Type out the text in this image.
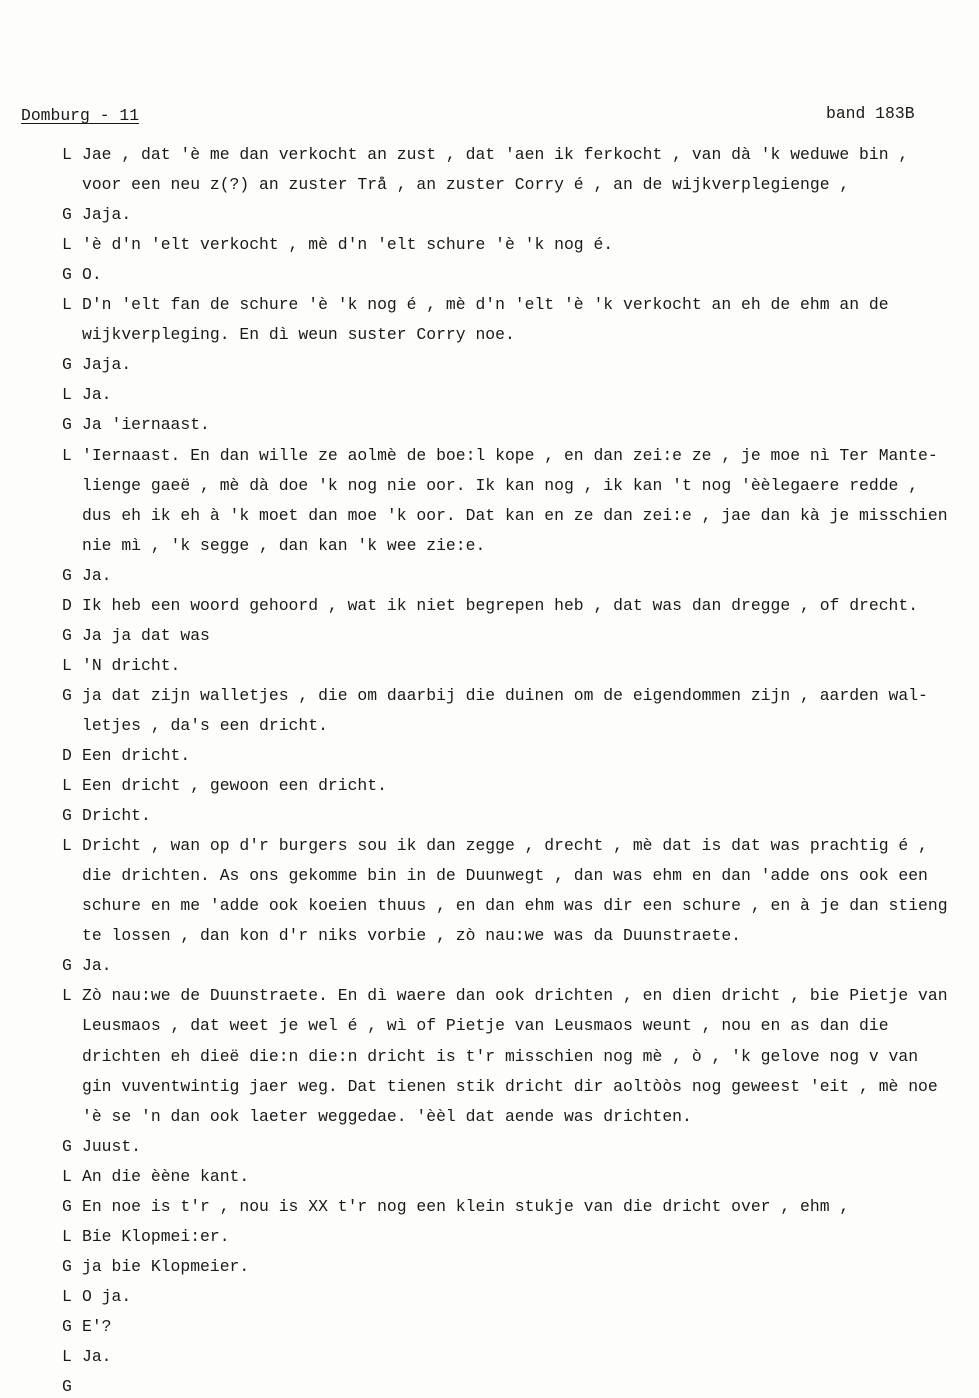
Domburg - 11	band 183B
L Jae , dat 'è me dan verkocht an zust , dat 'aen ik ferkocht , van dà 'k weduwe bin ,
voor een neu z(?) an zuster Trå , an zuster Corry é , an de wijkverplegienge ,
G Jaja.
L 'è d'n 'elt verkocht , mè d'n 'elt schure 'è 'k nog é.
G O.
L D'n 'elt fan de schure 'è 'k nog é , mè d'n 'elt 'è 'k verkocht an eh de ehm an de
wijkverpleging. En dì weun suster Corry noe.
G Jaja.
L Ja.
G Ja 'iernaast.
L 'Iernaast. En dan wille ze aolmè de boe:l kope , en dan zei:e ze , je moe nì Ter Mante-
lienge gaeë , mè dà doe 'k nog nie oor. Ik kan nog , ik kan 't nog 'èèlegaere redde ,
dus eh ik eh à 'k moet dan moe 'k oor. Dat kan en ze dan zei:e , jae dan kà je misschien
nie mì , 'k segge , dan kan 'k wee zie:e.
G Ja.
D Ik heb een woord gehoord , wat ik niet begrepen heb , dat was dan dregge , of drecht.
G Ja ja dat was
L 'N dricht.
G ja dat zijn walletjes , die om daarbij die duinen om de eigendommen zijn , aarden wal-
letjes , da's een dricht.
D Een dricht.
L Een dricht , gewoon een dricht.
G Dricht.
L Dricht , wan op d'r burgers sou ik dan zegge , drecht , mè dat is dat was prachtig é ,
die drichten. As ons gekomme bin in de Duunwegt , dan was ehm en dan 'adde ons ook een
schure en me 'adde ook koeien thuus , en dan ehm was dir een schure , en à je dan stieng
te lossen , dan kon d'r niks vorbie , zò nau:we was da Duunstraete.
G Ja.
L Zò nau:we de Duunstraete. En dì waere dan ook drichten , en dien dricht , bie Pietje van
Leusmaos , dat weet je wel é , wì of Pietje van Leusmaos weunt , nou en as dan die
drichten eh dieë die:n die:n dricht is t'r misschien nog mè , ò , 'k gelove nog v van
gin vuventwintig jaer weg. Dat tienen stik dricht dir aoltòòs nog geweest 'eit , mè noe
'è se 'n dan ook laeter weggedae. 'èèl dat aende was drichten.
G Juust.
L An die èène kant.
G En noe is t'r , nou is XX t'r nog een klein stukje van die dricht over , ehm ,
L Bie Klopmei:er.
G ja bie Klopmeier.
L O ja.
G E'?
L Ja.
G
